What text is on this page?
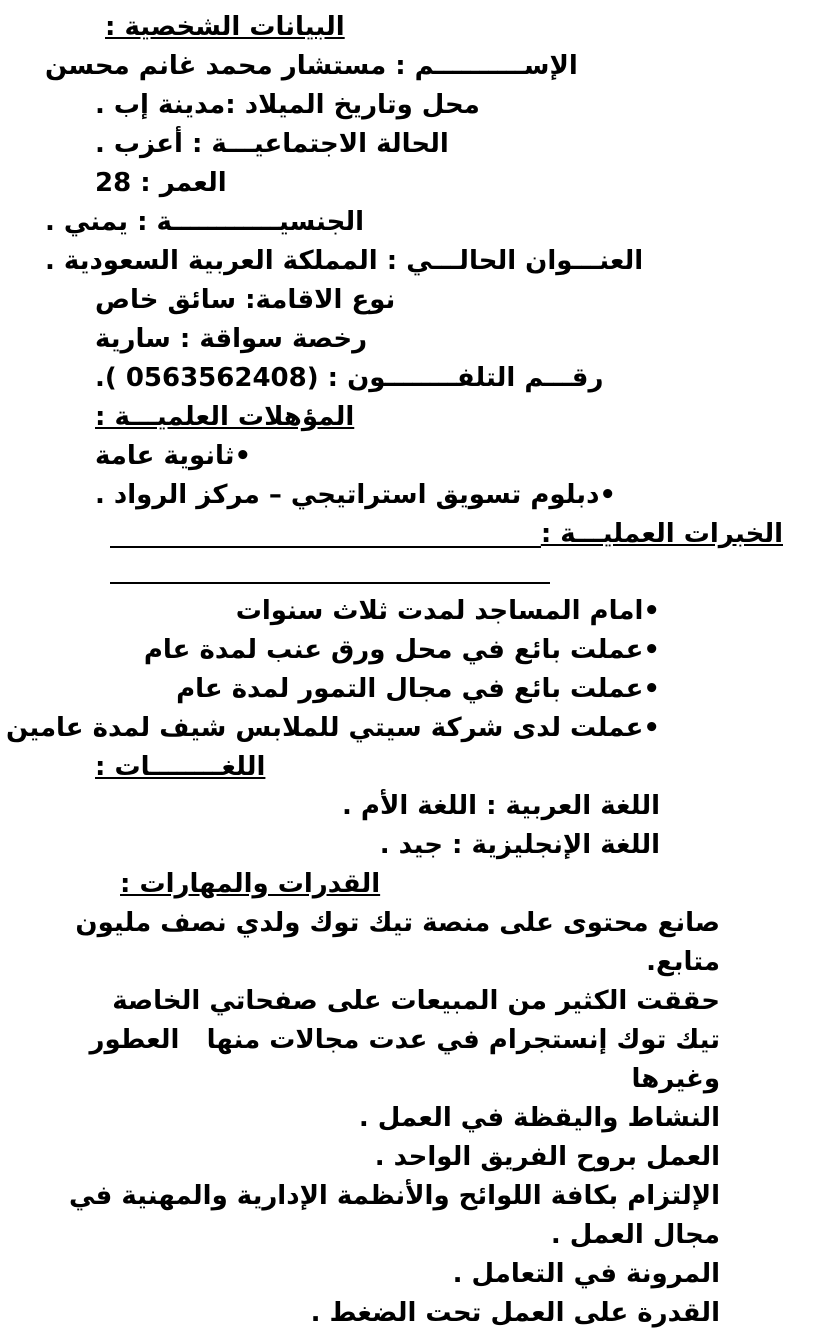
البيانات الشخصية :
الإســــــــــم : مستشار محمد غانم محسن
محل وتاريخ الميلاد :مدينة إب .
الحالة الاجتماعيـــة : أعزب .
العمر : 28
الجنسيــــــــــــة : يمني .
العنـــوان الحالـــي : المملكة العربية السعودية .
نوع الاقامة: سائق خاص
رخصة سواقة : سارية
رقـــم التلفــــــــون : (0563562408 ).
المؤهلات العلميـــة :
•ثانوية عامة
•دبلوم تسويق استراتيجي – مركز الرواد .
الخبرات العمليـــة :
•امام المساجد لمدت ثلاث سنوات
•عملت بائع في محل ورق عنب لمدة عام
•عملت بائع في مجال التمور لمدة عام
•عملت لدى شركة سيتي للملابس شيف لمدة عامين
اللغــــــــات :
اللغة العربية : اللغة الأم .
اللغة الإنجليزية : جيد .
القدرات والمهارات :
صانع محتوى على منصة تيك توك ولدي نصف مليون
متابع.
حققت الكثير من المبيعات على صفحاتي الخاصة
تيك توك إنستجرام في عدت مجالات منها   العطور
وغيرها
النشاط واليقظة في العمل .
العمل بروح الفريق الواحد .
الإلتزام بكافة اللوائح والأنظمة الإدارية والمهنية في
مجال العمل .
المرونة في التعامل .
القدرة على العمل تحت الضغط .
